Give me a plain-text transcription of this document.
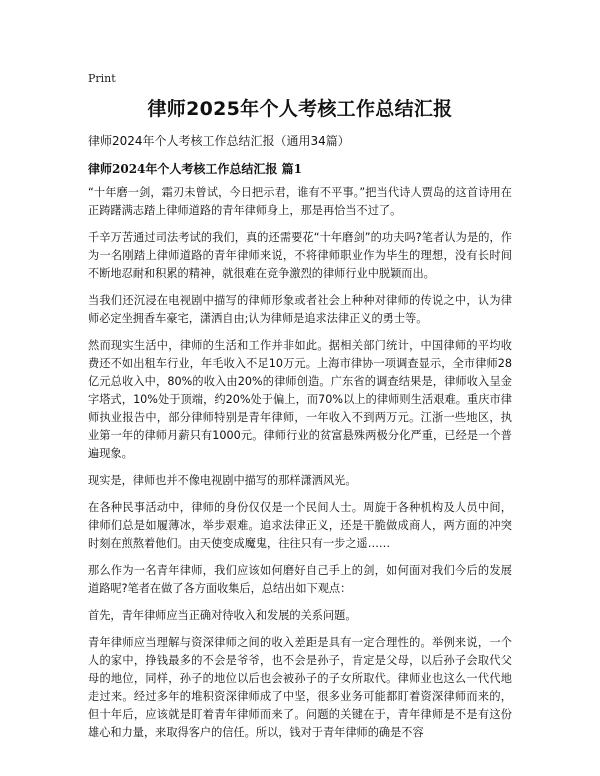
Print
律师2025年个人考核工作总结汇报

律师2024年个人考核工作总结汇报（通用34篇）

律师2024年个人考核工作总结汇报 篇1

“十年磨一剑，霜刃未曾试，今日把示君，谁有不平事。”把当代诗人贾岛的这首诗用在正踌躇满志踏上律师道路的青年律师身上，那是再恰当不过了。

千辛万苦通过司法考试的我们，真的还需要花“十年磨剑”的功夫吗?笔者认为是的，作为一名刚踏上律师道路的青年律师来说，不将律师职业作为毕生的理想，没有长时间不断地忍耐和积累的精神，就很难在竞争激烈的律师行业中脱颖而出。

当我们还沉浸在电视剧中描写的律师形象或者社会上种种对律师的传说之中，认为律师必定坐拥香车豪宅，潇洒自由;认为律师是追求法律正义的勇士等。

然而现实生活中，律师的生活和工作并非如此。据相关部门统计，中国律师的平均收费还不如出租车行业，年毛收入不足10万元。上海市律协一项调查显示，全市律师28亿元总收入中，80%的收入由20%的律师创造。广东省的调查结果是，律师收入呈金字塔式，10%处于顶端，约20%处于偏上，而70%以上的律师则生活艰难。重庆市律师执业报告中，部分律师特别是青年律师，一年收入不到两万元。江浙一些地区，执业第一年的律师月薪只有1000元。律师行业的贫富悬殊两极分化严重，已经是一个普遍现象。

现实是，律师也并不像电视剧中描写的那样潇洒风光。

在各种民事活动中，律师的身份仅仅是一个民间人士。周旋于各种机构及人员中间，律师们总是如履薄冰，举步艰难。追求法律正义，还是干脆做成商人，两方面的冲突时刻在煎熬着他们。由天使变成魔鬼，往往只有一步之遥……

那么作为一名青年律师，我们应该如何磨好自己手上的剑，如何面对我们今后的发展道路呢?笔者在做了各方面收集后，总结出如下观点：

首先，青年律师应当正确对待收入和发展的关系问题。

青年律师应当理解与资深律师之间的收入差距是具有一定合理性的。举例来说，一个人的家中，挣钱最多的不会是爷爷，也不会是孙子，肯定是父母，以后孙子会取代父母的地位，同样，孙子的地位以后也会被孙子的子女所取代。律师业也这么一代代地走过来。经过多年的堆积资深律师成了中坚，很多业务可能都盯着资深律师而来的，但十年后，应该就是盯着青年律师而来了。问题的关键在于，青年律师是不是有这份雄心和力量，来取得客户的信任。所以，钱对于青年律师的确是不容
